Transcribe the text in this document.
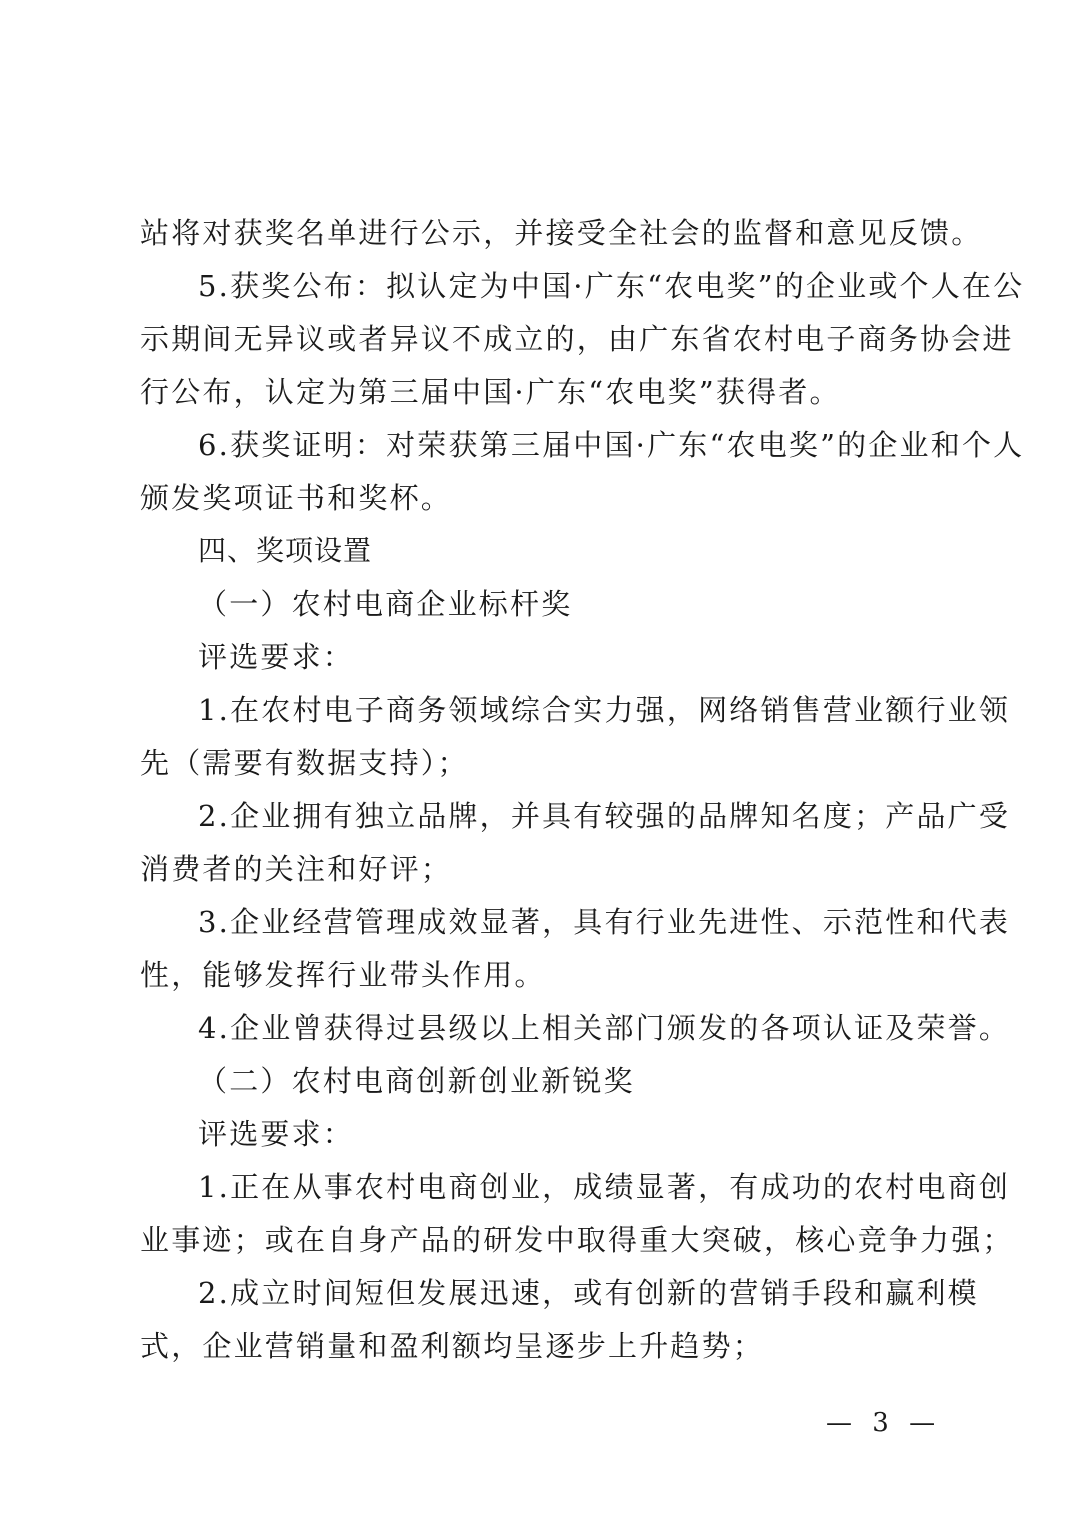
站将对获奖名单进行公示，并接受全社会的监督和意见反馈。
5.获奖公布：拟认定为中国·广东“农电奖”的企业或个人在公
示期间无异议或者异议不成立的，由广东省农村电子商务协会进
行公布，认定为第三届中国·广东“农电奖”获得者。
6.获奖证明：对荣获第三届中国·广东“农电奖”的企业和个人
颁发奖项证书和奖杯。
四、奖项设置
（一）农村电商企业标杆奖
评选要求：
1.在农村电子商务领域综合实力强，网络销售营业额行业领
先（需要有数据支持）；
2.企业拥有独立品牌，并具有较强的品牌知名度；产品广受
消费者的关注和好评；
3.企业经营管理成效显著，具有行业先进性、示范性和代表
性，能够发挥行业带头作用。
4.企业曾获得过县级以上相关部门颁发的各项认证及荣誉。
（二）农村电商创新创业新锐奖
评选要求：
1.正在从事农村电商创业，成绩显著，有成功的农村电商创
业事迹；或在自身产品的研发中取得重大突破，核心竞争力强；
2.成立时间短但发展迅速，或有创新的营销手段和赢利模
式，企业营销量和盈利额均呈逐步上升趋势；
— 3 —
